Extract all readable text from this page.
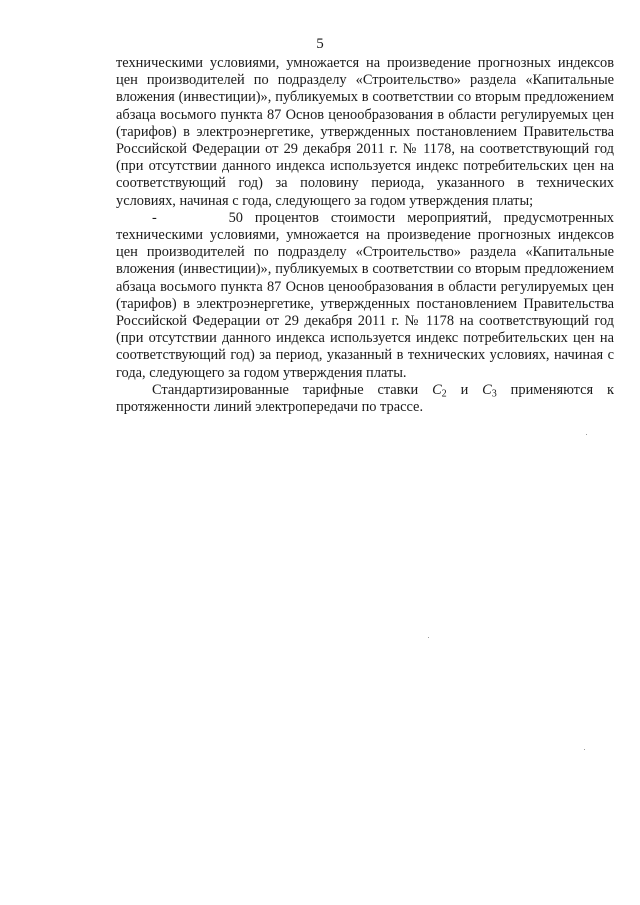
5

техническими условиями, умножается на произведение прогнозных индексов цен производителей по подразделу «Строительство» раздела «Капитальные вложения (инвестиции)», публикуемых в соответствии со вторым предложением абзаца восьмого пункта 87 Основ ценообразования в области регулируемых цен (тарифов) в электроэнергетике, утвержденных постановлением Правительства Российской Федерации от 29 декабря 2011 г. № 1178, на соответствующий год (при отсутствии данного индекса используется индекс потребительских цен на соответствующий год) за половину периода, указанного в технических условиях, начиная с года, следующего за годом утверждения платы;

-	50 процентов стоимости мероприятий, предусмотренных техническими условиями, умножается на произведение прогнозных индексов цен производителей по подразделу «Строительство» раздела «Капитальные вложения (инвестиции)», публикуемых в соответствии со вторым предложением абзаца восьмого пункта 87 Основ ценообразования в области регулируемых цен (тарифов) в электроэнергетике, утвержденных постановлением Правительства Российской Федерации от 29 декабря 2011 г. № 1178 на соответствующий год (при отсутствии данного индекса используется индекс потребительских цен на соответствующий год) за период, указанный в технических условиях, начиная с года, следующего за годом утверждения платы.

Стандартизированные тарифные ставки $C_2$ и $C_3$ применяются к протяженности линий электропередачи по трассе.
